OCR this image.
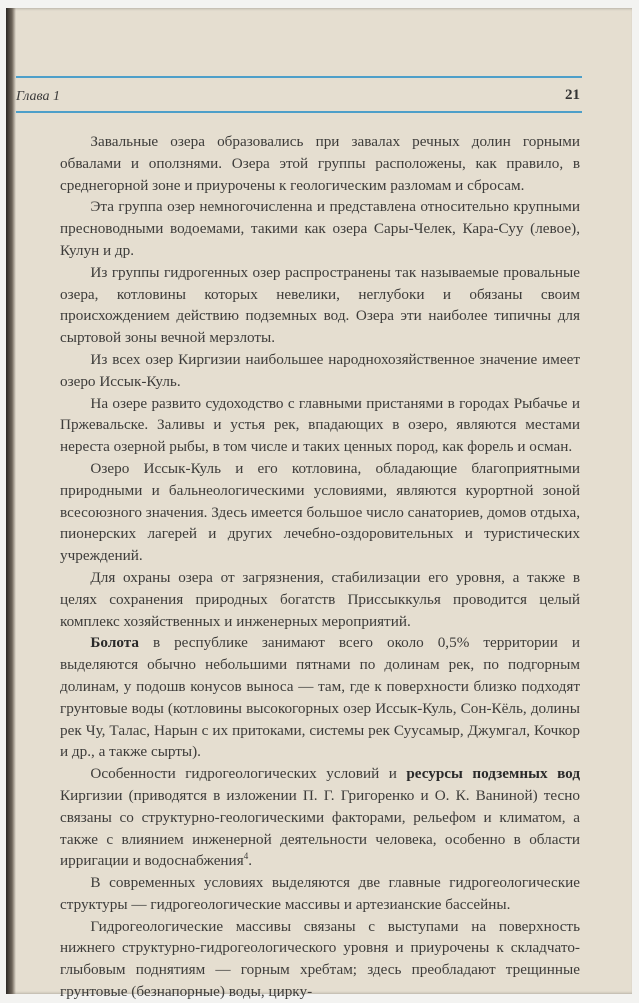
Глава 1	21

Завальные озера образовались при завалах речных долин горными обвалами и оползнями. Озера этой группы расположены, как правило, в среднегорной зоне и приурочены к геологическим разломам и сбросам.

Эта группа озер немногочисленна и представлена относительно крупными пресноводными водоемами, такими как озера Сары-Челек, Кара-Суу (левое), Кулун и др.

Из группы гидрогенных озер распространены так называемые провальные озера, котловины которых невелики, неглубоки и обязаны своим происхождением действию подземных вод. Озера эти наиболее типичны для сыртовой зоны вечной мерзлоты.

Из всех озер Киргизии наибольшее народнохозяйственное значение имеет озеро Иссык-Куль.

На озере развито судоходство с главными пристанями в городах Рыбачье и Пржевальске. Заливы и устья рек, впадающих в озеро, являются местами нереста озерной рыбы, в том числе и таких ценных пород, как форель и осман.

Озеро Иссык-Куль и его котловина, обладающие благоприятными природными и бальнеологическими условиями, являются курортной зоной всесоюзного значения. Здесь имеется большое число санаториев, домов отдыха, пионерских лагерей и других лечебно-оздоровительных и туристических учреждений.

Для охраны озера от загрязнения, стабилизации его уровня, а также в целях сохранения природных богатств Приссыккулья проводится целый комплекс хозяйственных и инженерных мероприятий.

Болота в республике занимают всего около 0,5% территории и выделяются обычно небольшими пятнами по долинам рек, по подгорным долинам, у подошв конусов выноса — там, где к поверхности близко подходят грунтовые воды (котловины высокогорных озер Иссык-Куль, Сон-Кёль, долины рек Чу, Талас, Нарын с их притоками, системы рек Суусамыр, Джумгал, Кочкор и др., а также сырты).

Особенности гидрогеологических условий и ресурсы подземных вод Киргизии (приводятся в изложении П. Г. Григоренко и О. К. Ваниной) тесно связаны со структурно-геологическими факторами, рельефом и климатом, а также с влиянием инженерной деятельности человека, особенно в области ирригации и водоснабжения$^4$.

В современных условиях выделяются две главные гидрогеологические структуры — гидрогеологические массивы и артезианские бассейны.

Гидрогеологические массивы связаны с выступами на поверхность нижнего структурно-гидрогеологического уровня и приурочены к складчато-глыбовым поднятиям — горным хребтам; здесь преобладают трещинные грунтовые (безнапорные) воды, цирку-
